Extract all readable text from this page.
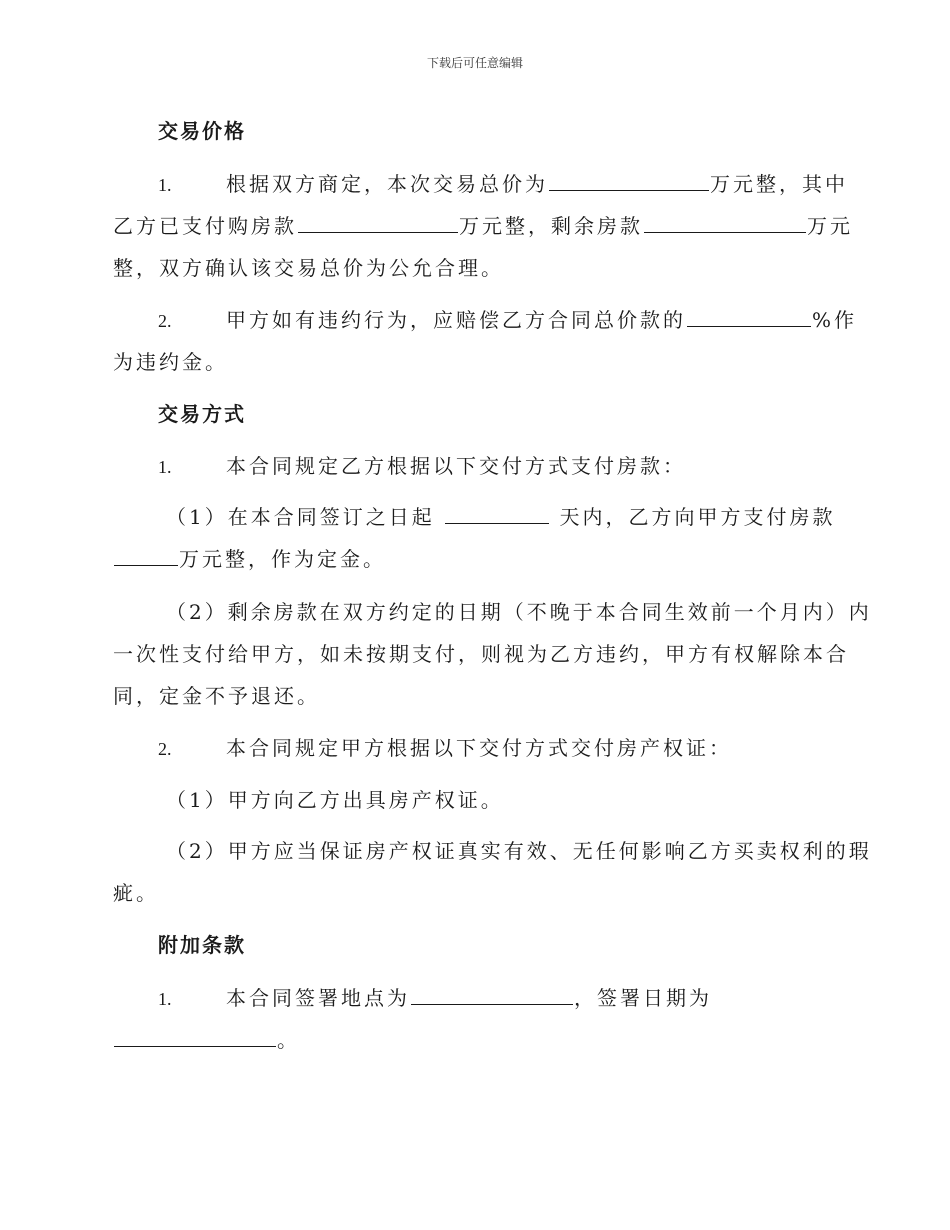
下载后可任意编辑
交易价格
1.	根据双方商定，本次交易总价为	万元整，其中
乙方已支付购房款	万元整，剩余房款	万元
整，双方确认该交易总价为公允合理。
2.	甲方如有违约行为，应赔偿乙方合同总价款的	%作
为违约金。
交易方式
1.	本合同规定乙方根据以下交付方式支付房款：
（1）在本合同签订之日起	天内，乙方向甲方支付房款
万元整，作为定金。
（2）剩余房款在双方约定的日期（不晚于本合同生效前一个月内）内
一次性支付给甲方，如未按期支付，则视为乙方违约，甲方有权解除本合
同，定金不予退还。
2.	本合同规定甲方根据以下交付方式交付房产权证：
（1）甲方向乙方出具房产权证。
（2）甲方应当保证房产权证真实有效、无任何影响乙方买卖权利的瑕
疵。
附加条款
1.	本合同签署地点为	，签署日期为
。
